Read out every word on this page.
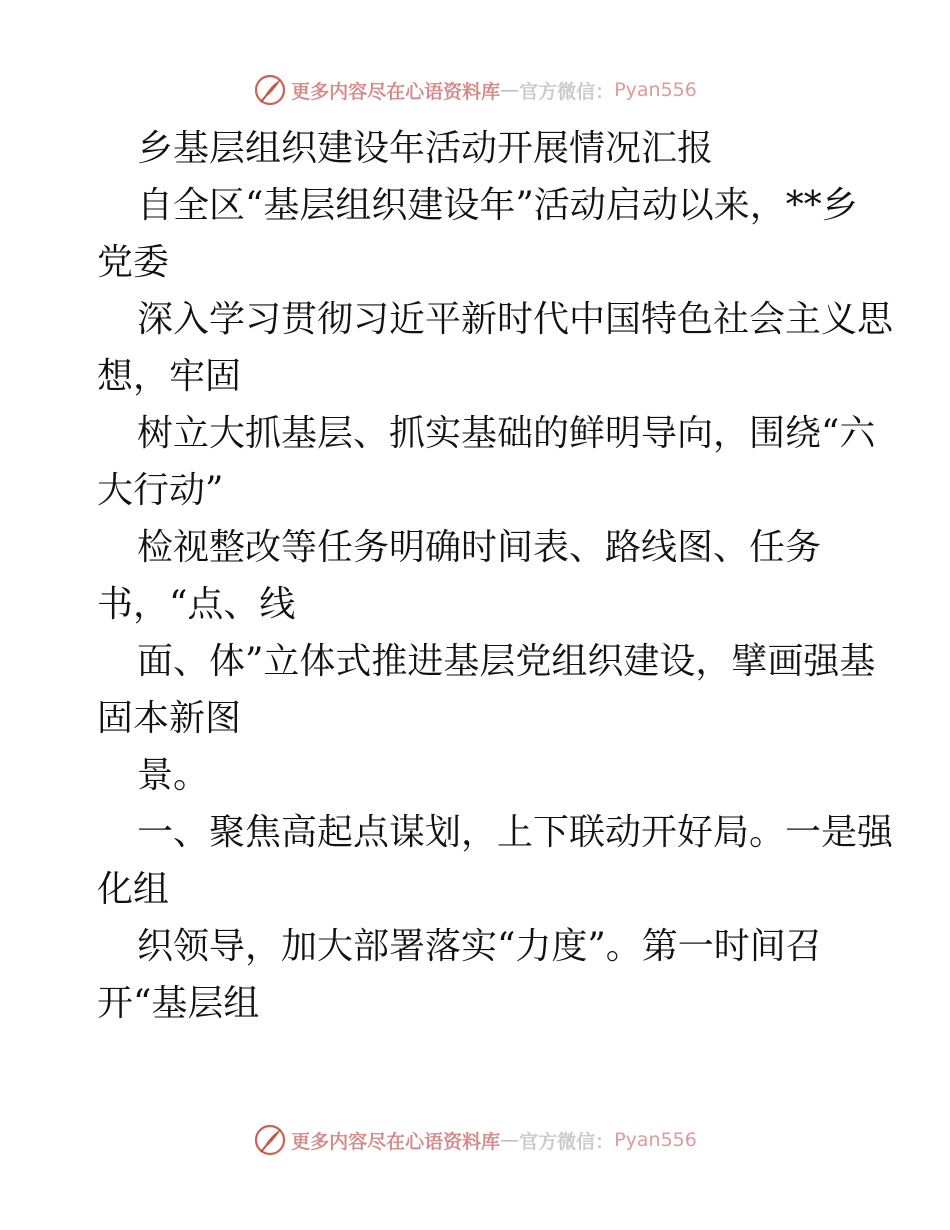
更多内容尽在心语资料库 — 官方微信： Pyan556
乡基层组织建设年活动开展情况汇报
自全区“基层组织建设年”活动启动以来，**乡
党委
深入学习贯彻习近平新时代中国特色社会主义思
想，牢固
树立大抓基层、抓实基础的鲜明导向，围绕“六
大行动”
检视整改等任务明确时间表、路线图、任务
书，“点、线
面、体”立体式推进基层党组织建设，擘画强基
固本新图
景。
一、聚焦高起点谋划，上下联动开好局。一是强
化组
织领导，加大部署落实“力度”。第一时间召
开“基层组
更多内容尽在心语资料库 — 官方微信： Pyan556
